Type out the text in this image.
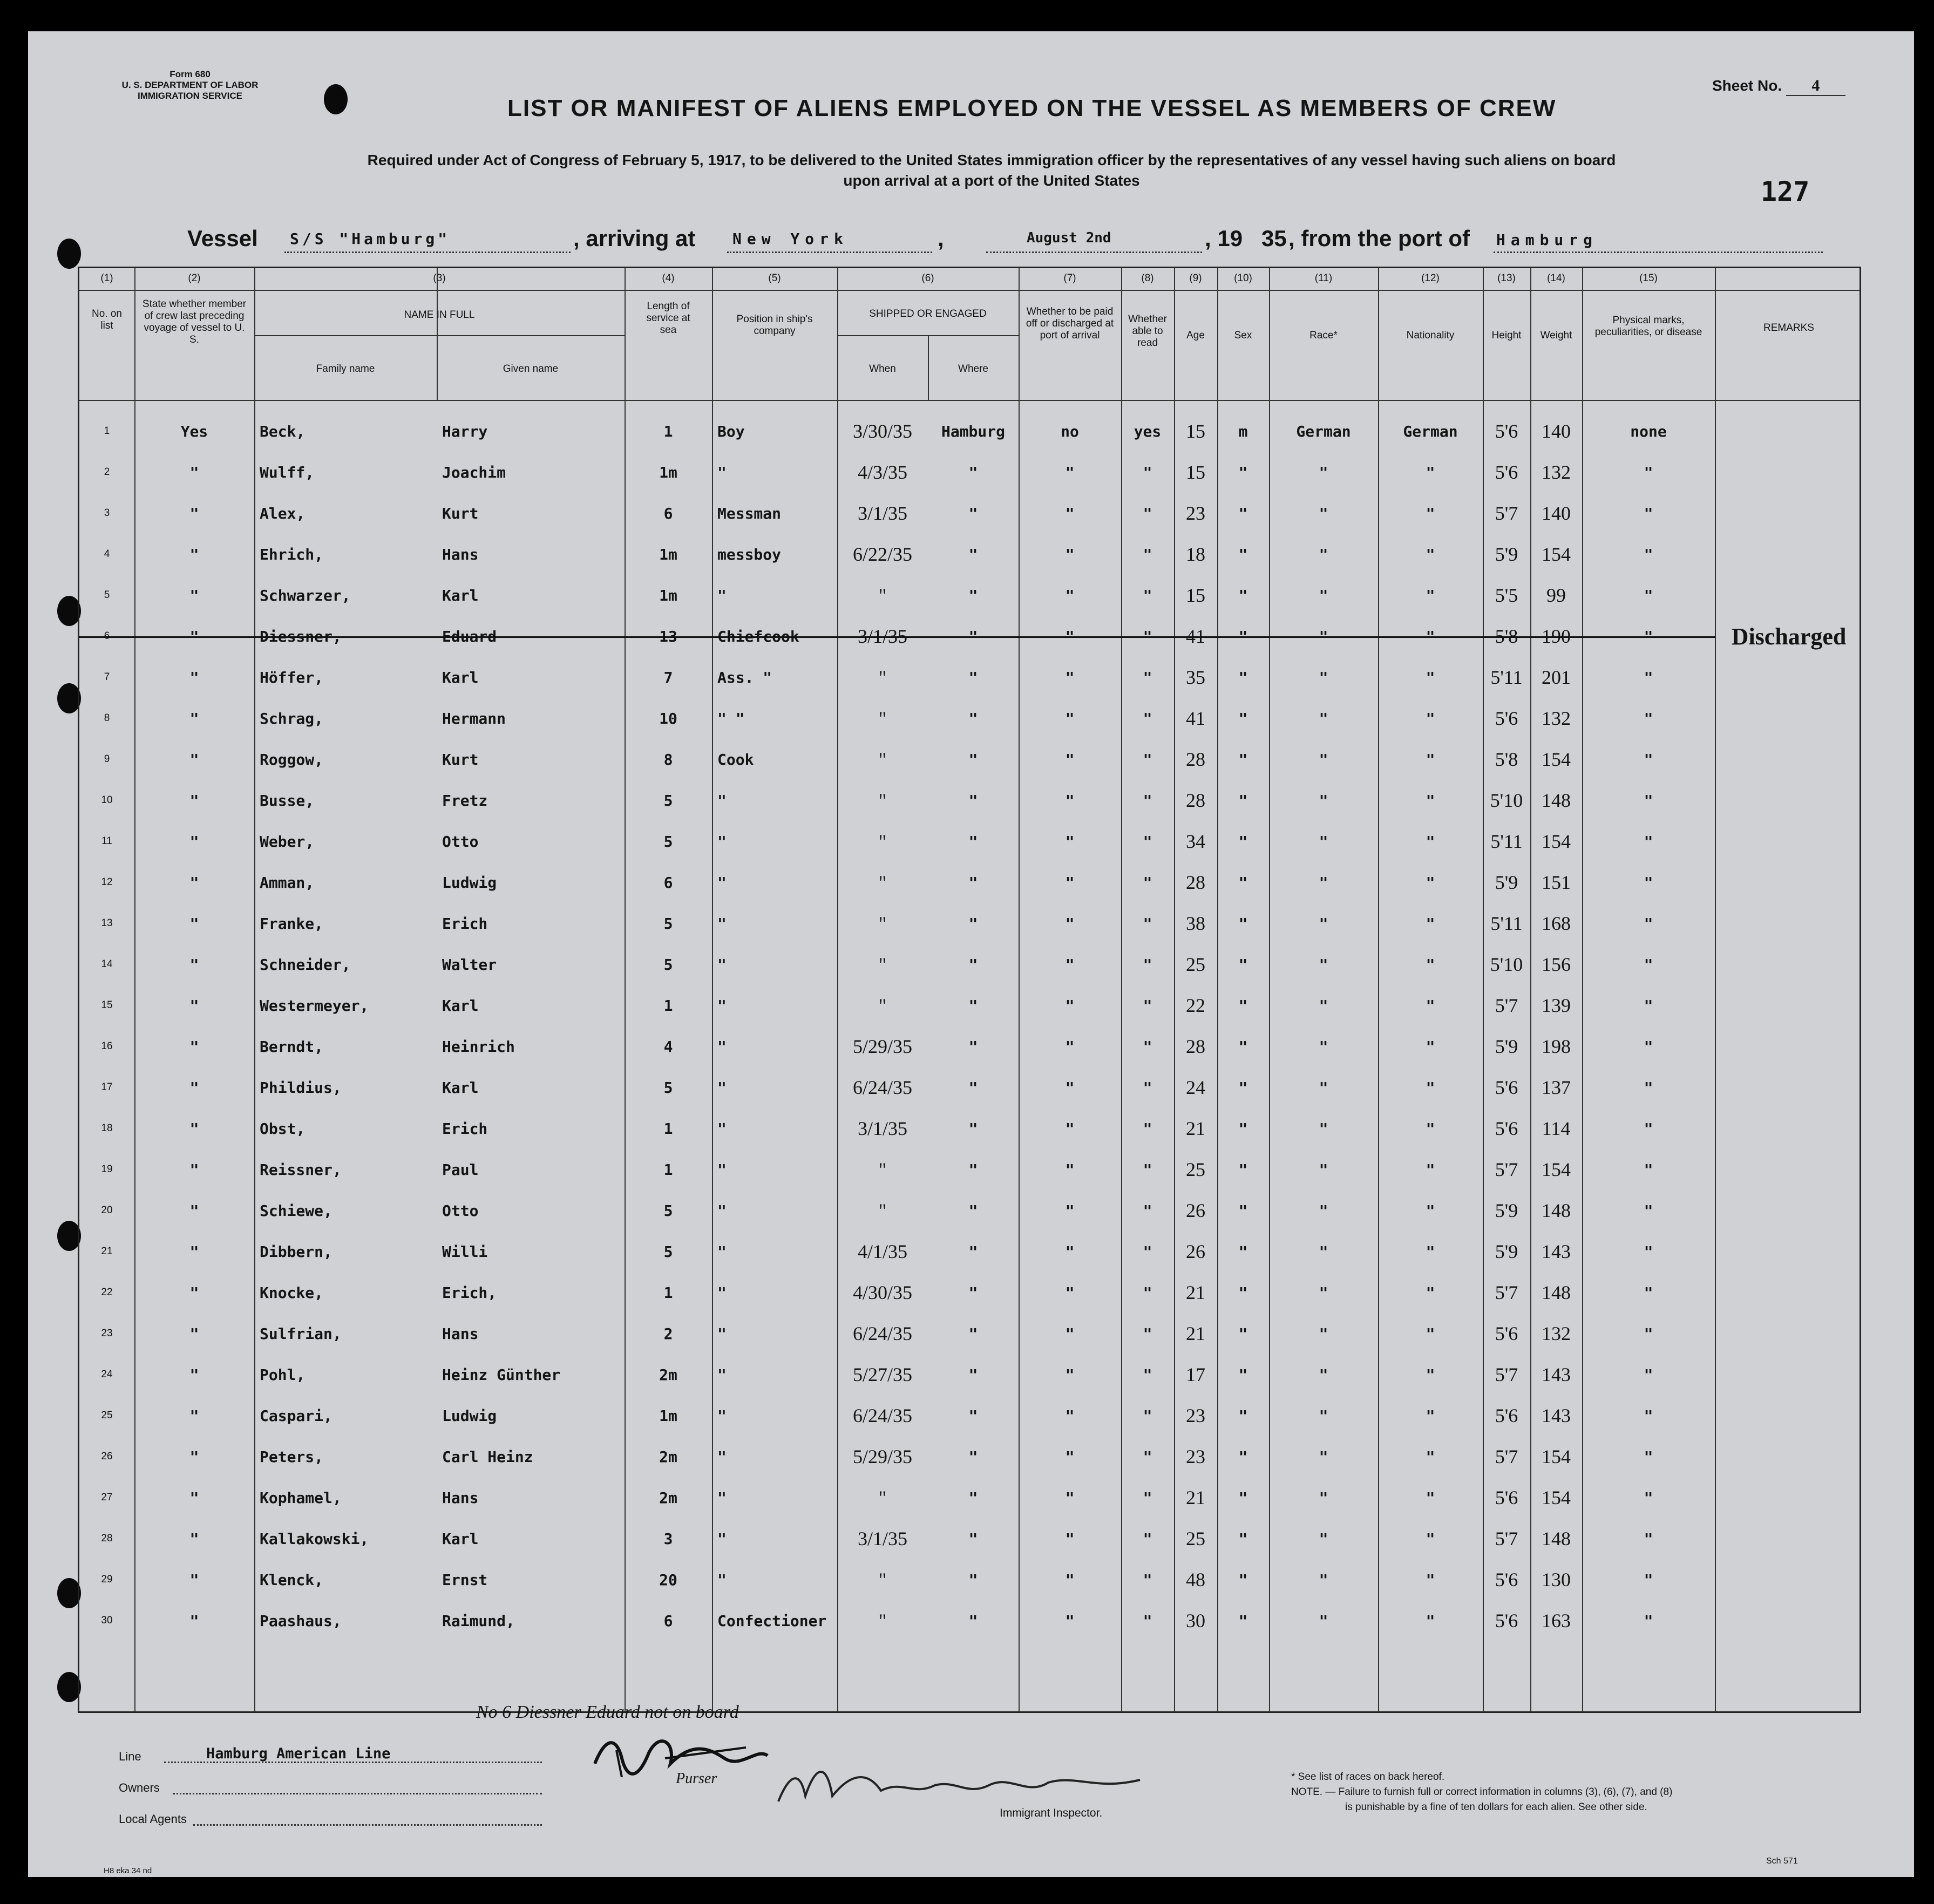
Form 680
U. S. DEPARTMENT OF LABOR
IMMIGRATION SERVICE
Sheet No. 4
LIST OR MANIFEST OF ALIENS EMPLOYED ON THE VESSEL AS MEMBERS OF CREW
Required under Act of Congress of February 5, 1917, to be delivered to the United States immigration officer by the representatives of any vessel having such aliens on board
upon arrival at a port of the United States	127
Vessel S/S "Hamburg"	, arriving at New York	,	August 2nd	, 19 35 , from the port of Hamburg
(1)
No. on list
(2)
State whether member of crew last preceding voyage of vessel to U. S.
(3)
NAME IN FULL
Family name	Given name
(4)
Length of service at sea
(5)
Position in ship's company
(6)
SHIPPED OR ENGAGED
When	Where
(7)
Whether to be paid off or discharged at port of arrival
(8)
Whether able to read
(9)
Age
(10)
Sex
(11)
Race*
(12)
Nationality
(13)
Height
(14)
Weight
(15)
Physical marks, peculiarities, or disease	REMARKS
1	Yes	Beck,	Harry	1	Boy	3/30/35	Hamburg	no	yes	15	m	German	German	5'6	140	none
2	"	Wulff,	Joachim	1m	"	4/3/35	"	"	"	15	"	"	"	5'6	132	"
3	"	Alex,	Kurt	6	Messman	3/1/35	"	"	"	23	"	"	"	5'7	140	"
4	"	Ehrich,	Hans	1m	messboy	6/22/35	"	"	"	18	"	"	"	5'9	154	"
5	"	Schwarzer,	Karl	1m	"	"	"	"	"	15	"	"	"	5'5	99	"
6	"	Diessner,	Eduard	13	Chiefcook	3/1/35	"	"	"	41	"	"	"	5'8	190	"	Discharged
7	"	Höffer,	Karl	7	Ass. "	"	"	"	"	35	"	"	"	5'11 201	"
8	"	Schrag,	Hermann	10	" "	"	"	"	"	41	"	"	"	5'6	132	"
9	"	Roggow,	Kurt	8	Cook	"	"	"	"	28	"	"	"	5'8	154	"
10	"	Busse,	Fretz	5	"	"	"	"	"	28	"	"	"	5'10 148	"
11	"	Weber,	Otto	5	"	"	"	"	"	34	"	"	"	5'11 154	"
12	"	Amman,	Ludwig	6	"	"	"	"	"	28	"	"	"	5'9	151	"
13	"	Franke,	Erich	5	"	"	"	"	"	38	"	"	"	5'11 168	"
14	"	Schneider,	Walter	5	"	"	"	"	"	25	"	"	"	5'10 156	"
15	"	Westermeyer,	Karl	1	"	"	"	"	"	22	"	"	"	5'7	139	"
16	"	Berndt,	Heinrich	4	"	5/29/35	"	"	"	28	"	"	"	5'9	198	"
17	"	Phildius,	Karl	5	"	6/24/35	"	"	"	24	"	"	"	5'6	137	"
18	"	Obst,	Erich	1	"	3/1/35	"	"	"	21	"	"	"	5'6	114	"
19	"	Reissner,	Paul	1	"	"	"	"	"	25	"	"	"	5'7	154	"
20	"	Schiewe,	Otto	5	"	"	"	"	"	26	"	"	"	5'9	148	"
21	"	Dibbern,	Willi	5	"	4/1/35	"	"	"	26	"	"	"	5'9	143	"
22	"	Knocke,	Erich,	1	"	4/30/35	"	"	"	21	"	"	"	5'7	148	"
23	"	Sulfrian,	Hans	2	"	6/24/35	"	"	"	21	"	"	"	5'6	132	"
24	"	Pohl,	Heinz Günther	2m	"	5/27/35	"	"	"	17	"	"	"	5'7	143	"
25	"	Caspari,	Ludwig	1m	"	6/24/35	"	"	"	23	"	"	"	5'6	143	"
26	"	Peters,	Carl Heinz	2m	"	5/29/35	"	"	"	23	"	"	"	5'7	154	"
27	"	Kophamel,	Hans	2m	"	"	"	"	"	21	"	"	"	5'6	154	"
28	"	Kallakowski,	Karl	3	"	3/1/35	"	"	"	25	"	"	"	5'7	148	"
29	"	Klenck,	Ernst	20	"	"	"	"	"	48	"	"	"	5'6	130	"
30	"	Paashaus,	Raimund,	6	Confectioner	"	"	"	"	30	"	"	"	5'6	163	"
No 6 Diessner Eduard not on board
Line	Hamburg American Line
Owners
Local Agents
Purser
Immigrant Inspector.
* See list of races on back hereof.
NOTE. — Failure to furnish full or correct information in columns (3), (6), (7), and (8)
is punishable by a fine of ten dollars for each alien. See other side.
H8 eka 34 nd
Sch 571
